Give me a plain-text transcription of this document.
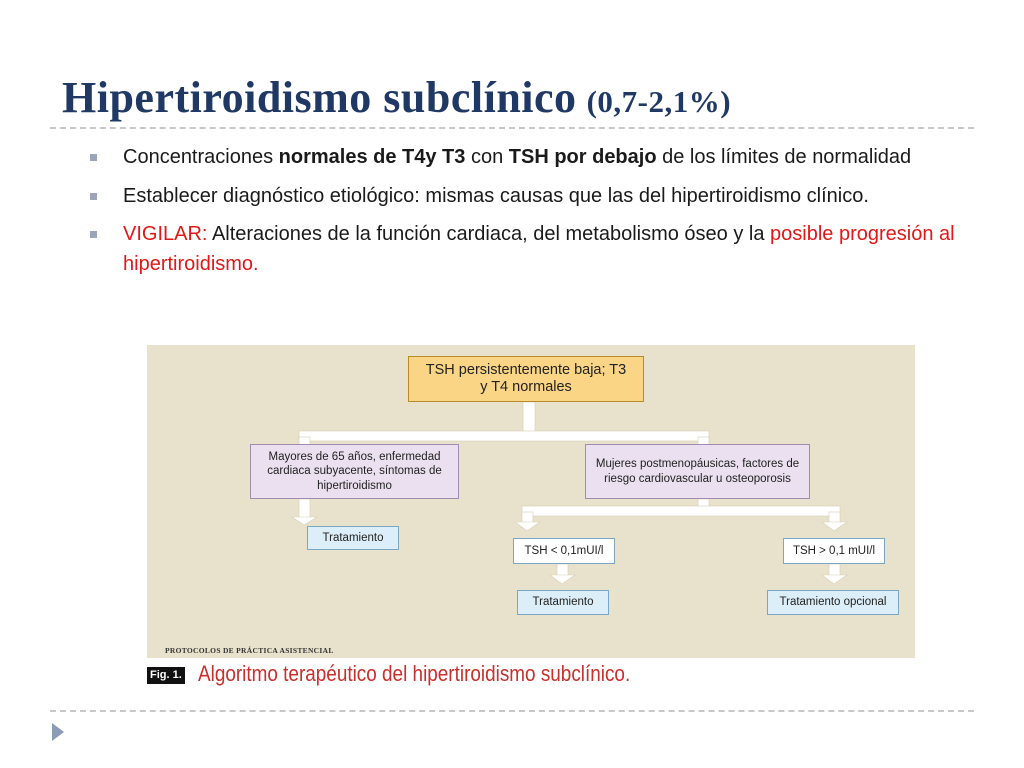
Hipertiroidismo subclínico (0,7-2,1%)
Concentraciones normales de T4y T3 con TSH por debajo de los límites de normalidad
Establecer diagnóstico etiológico: mismas causas que las del hipertiroidismo clínico.
VIGILAR: Alteraciones de la función cardiaca, del metabolismo óseo y la posible progresión al hipertiroidismo.
TSH persistentemente baja; T3 y T4 normales
Mayores de 65 años, enfermedad cardiaca subyacente, síntomas de hipertiroidismo
Mujeres postmenopáusicas, factores de riesgo cardiovascular u osteoporosis
Tratamiento
TSH < 0,1mUI/l	TSH > 0,1 mUI/l
Tratamiento	Tratamiento opcional
PROTOCOLOS DE PRÁCTICA ASISTENCIAL
Fig. 1. Algoritmo terapéutico del hipertiroidismo subclínico.
